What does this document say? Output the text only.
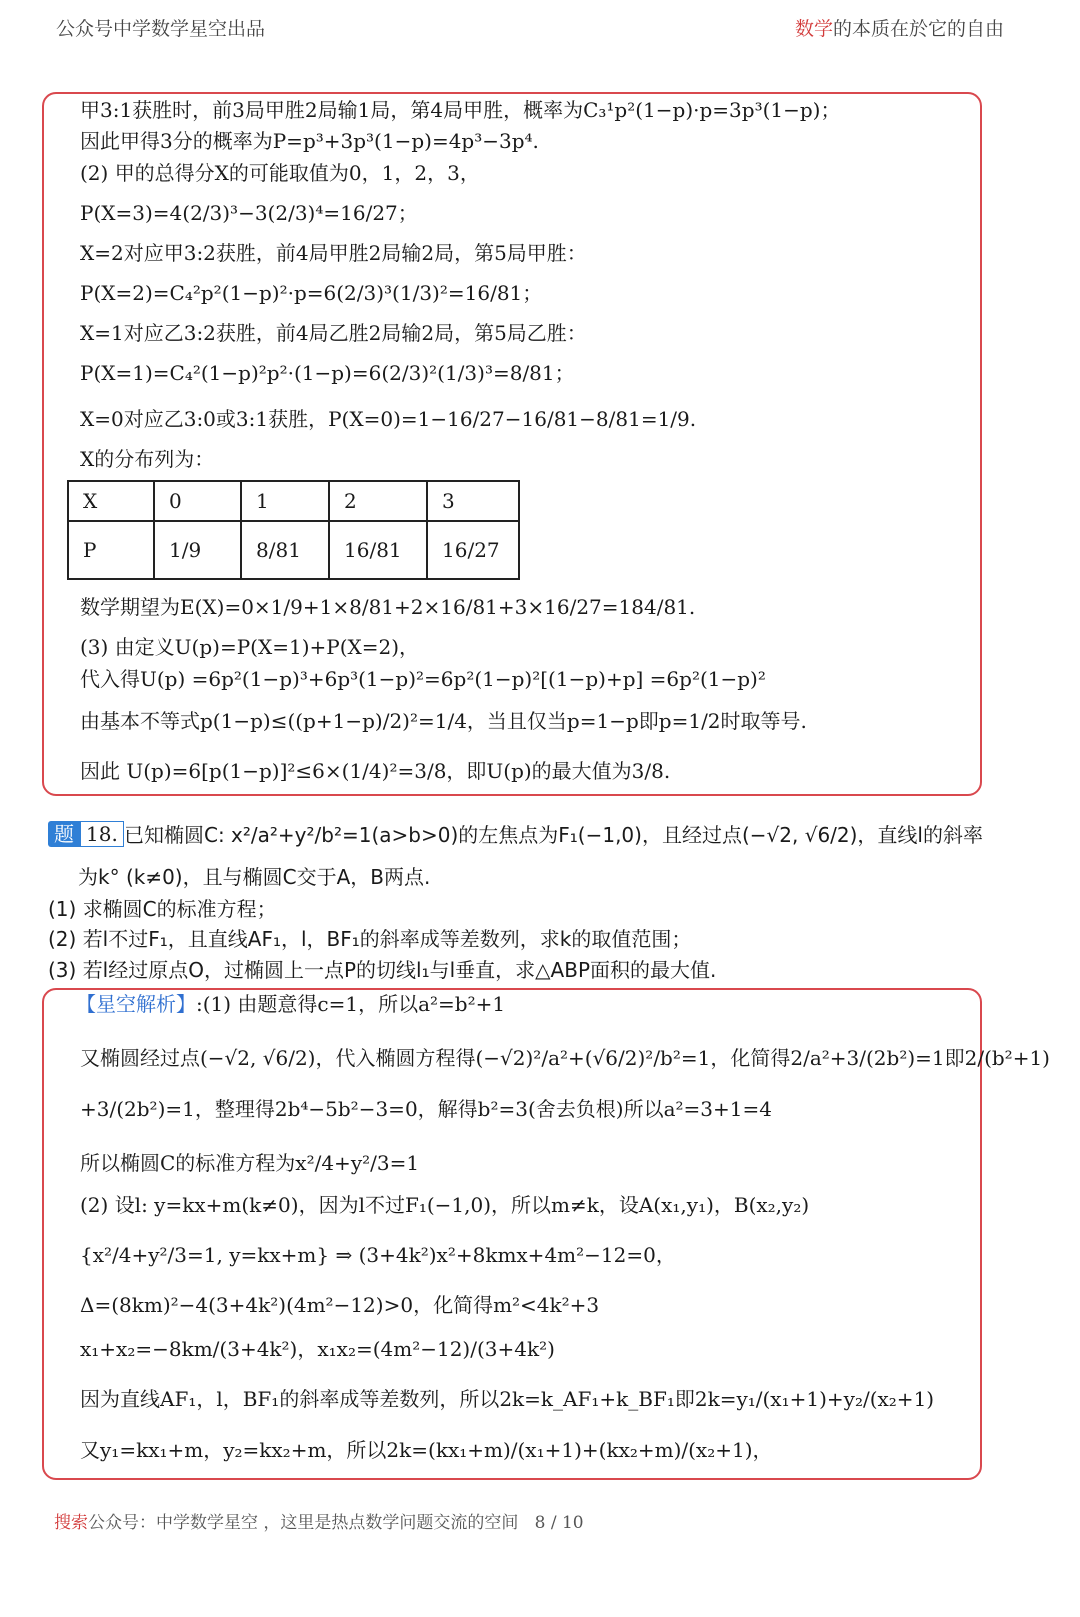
公众号中学数学星空出品	数学的本质在於它的自由
甲3:1获胜时，前3局甲胜2局输1局，第4局甲胜，概率为C₃¹p²(1−p)·p=3p³(1−p)；
因此甲得3分的概率为P=p³+3p³(1−p)=4p³−3p⁴.
(2) 甲的总得分X的可能取值为0，1，2，3，
P(X=3)=4(2/3)³−3(2/3)⁴=16/27；
X=2对应甲3:2获胜，前4局甲胜2局输2局，第5局甲胜：
P(X=2)=C₄²p²(1−p)²·p=6(2/3)³(1/3)²=16/81；
X=1对应乙3:2获胜，前4局乙胜2局输2局，第5局乙胜：
P(X=1)=C₄²(1−p)²p²·(1−p)=6(2/3)²(1/3)³=8/81；
X=0对应乙3:0或3:1获胜，P(X=0)=1−16/27−16/81−8/81=1/9.
X的分布列为：
X	0	1	2	3
P	1/9	8/81	16/81	16/27
数学期望为E(X)=0×1/9+1×8/81+2×16/81+3×16/27=184/81.
(3) 由定义U(p)=P(X=1)+P(X=2)，
代入得U(p) =6p²(1−p)³+6p³(1−p)²=6p²(1−p)²[(1−p)+p] =6p²(1−p)²
由基本不等式p(1−p)≤((p+1−p)/2)²=1/4，当且仅当p=1−p即p=1/2时取等号.
因此 U(p)=6[p(1−p)]²≤6×(1/4)²=3/8，即U(p)的最大值为3/8.
题 18. 已知椭圆C: x²/a²+y²/b²=1(a>b>0)的左焦点为F₁(−1,0)，且经过点(−√2, √6/2)，直线l的斜率
为k° (k≠0)，且与椭圆C交于A，B两点.
(1) 求椭圆C的标准方程；
(2) 若l不过F₁，且直线AF₁，l，BF₁的斜率成等差数列，求k的取值范围；
(3) 若l经过原点O，过椭圆上一点P的切线l₁与l垂直，求△ABP面积的最大值.
【星空解析】:(1) 由题意得c=1，所以a²=b²+1
又椭圆经过点(−√2, √6/2)，代入椭圆方程得(−√2)²/a²+(√6/2)²/b²=1，化简得2/a²+3/(2b²)=1即2/(b²+1)
+3/(2b²)=1，整理得2b⁴−5b²−3=0，解得b²=3(舍去负根)所以a²=3+1=4
所以椭圆C的标准方程为x²/4+y²/3=1
(2) 设l: y=kx+m(k≠0)，因为l不过F₁(−1,0)，所以m≠k，设A(x₁,y₁)，B(x₂,y₂)
{x²/4+y²/3=1, y=kx+m} ⇒ (3+4k²)x²+8kmx+4m²−12=0，
Δ=(8km)²−4(3+4k²)(4m²−12)>0，化简得m²<4k²+3
x₁+x₂=−8km/(3+4k²)，x₁x₂=(4m²−12)/(3+4k²)
因为直线AF₁，l，BF₁的斜率成等差数列，所以2k=k_AF₁+k_BF₁即2k=y₁/(x₁+1)+y₂/(x₂+1)
又y₁=kx₁+m，y₂=kx₂+m，所以2k=(kx₁+m)/(x₁+1)+(kx₂+m)/(x₂+1)，
搜索公众号：中学数学星空 ，这里是热点数学问题交流的空间 8 / 10
